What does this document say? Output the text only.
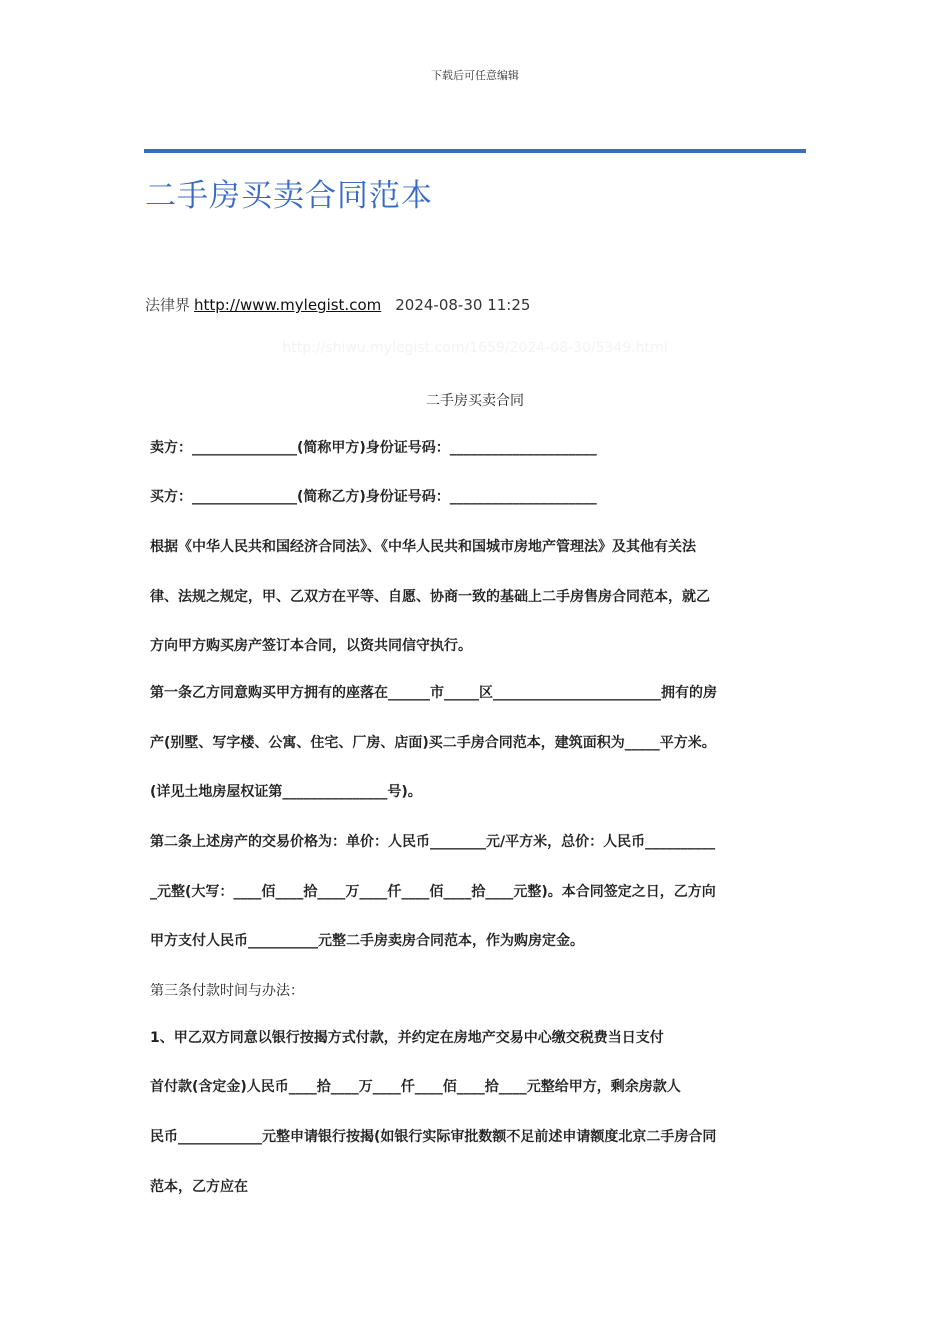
下载后可任意编辑
二手房买卖合同范本
法律界 http://www.mylegist.com 2024-08-30 11:25
http://shiwu.mylegist.com/1659/2024-08-30/5349.html
二手房买卖合同
卖方：_______________(简称甲方)身份证号码：_____________________
买方：_______________(简称乙方)身份证号码：_____________________
根据《中华人民共和国经济合同法》、《中华人民共和国城市房地产管理法》及其他有关法
律、法规之规定，甲、乙双方在平等、自愿、协商一致的基础上二手房售房合同范本，就乙
方向甲方购买房产签订本合同，以资共同信守执行。
第一条乙方同意购买甲方拥有的座落在______市_____区________________________拥有的房
产(别墅、写字楼、公寓、住宅、厂房、店面)买二手房合同范本，建筑面积为_____平方米。
(详见土地房屋权证第_______________号)。
第二条上述房产的交易价格为：单价：人民币________元/平方米，总价：人民币__________
_元整(大写：____佰____拾____万____仟____佰____拾____元整)。本合同签定之日，乙方向
甲方支付人民币__________元整二手房卖房合同范本，作为购房定金。
第三条付款时间与办法：
1、甲乙双方同意以银行按揭方式付款，并约定在房地产交易中心缴交税费当日支付
首付款(含定金)人民币____拾____万____仟____佰____拾____元整给甲方，剩余房款人
民币____________元整申请银行按揭(如银行实际审批数额不足前述申请额度北京二手房合同
范本，乙方应在
